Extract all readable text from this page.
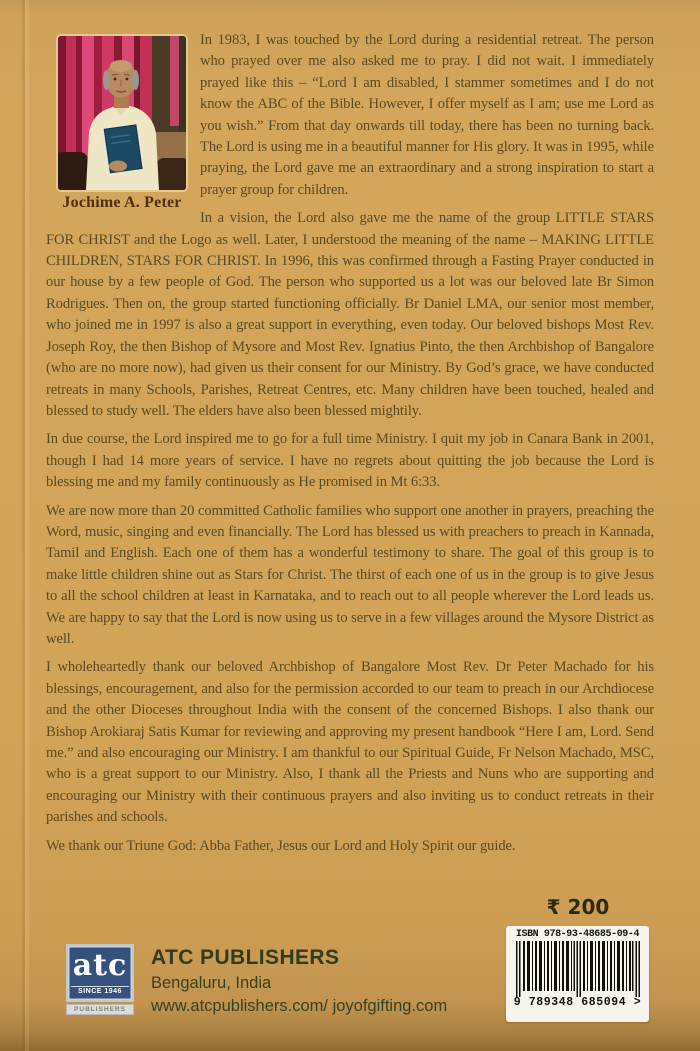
Jochime A. Peter

In 1983, I was touched by the Lord during a residential retreat. The person who prayed over me also asked me to pray. I did not wait. I immediately prayed like this – “Lord I am disabled, I stammer sometimes and I do not know the ABC of the Bible. However, I offer myself as I am; use me Lord as you wish.” From that day onwards till today, there has been no turning back. The Lord is using me in a beautiful manner for His glory. It was in 1995, while praying, the Lord gave me an extraordinary and a strong inspiration to start a prayer group for children.

In a vision, the Lord also gave me the name of the group LITTLE STARS FOR CHRIST and the Logo as well. Later, I understood the meaning of the name – MAKING LITTLE CHILDREN, STARS FOR CHRIST. In 1996, this was confirmed through a Fasting Prayer conducted in our house by a few people of God. The person who supported us a lot was our beloved late Br Simon Rodrigues. Then on, the group started functioning officially. Br Daniel LMA, our senior most member, who joined me in 1997 is also a great support in everything, even today. Our beloved bishops Most Rev. Joseph Roy, the then Bishop of Mysore and Most Rev. Ignatius Pinto, the then Archbishop of Bangalore (who are no more now), had given us their consent for our Ministry. By God’s grace, we have conducted retreats in many Schools, Parishes, Retreat Centres, etc. Many children have been touched, healed and blessed to study well. The elders have also been blessed mightily.

In due course, the Lord inspired me to go for a full time Ministry. I quit my job in Canara Bank in 2001, though I had 14 more years of service. I have no regrets about quitting the job because the Lord is blessing me and my family continuously as He promised in Mt 6:33.

We are now more than 20 committed Catholic families who support one another in prayers, preaching the Word, music, singing and even financially. The Lord has blessed us with preachers to preach in Kannada, Tamil and English. Each one of them has a wonderful testimony to share. The goal of this group is to make little children shine out as Stars for Christ. The thirst of each one of us in the group is to give Jesus to all the school children at least in Karnataka, and to reach out to all people wherever the Lord leads us. We are happy to say that the Lord is now using us to serve in a few villages around the Mysore District as well.

I wholeheartedly thank our beloved Archbishop of Bangalore Most Rev. Dr Peter Machado for his blessings, encouragement, and also for the permission accorded to our team to preach in our Archdiocese and the other Dioceses throughout India with the consent of the concerned Bishops. I also thank our Bishop Arokiaraj Satis Kumar for reviewing and approving my present handbook “Here I am, Lord. Send me.” and also encouraging our Ministry. I am thankful to our Spiritual Guide, Fr Nelson Machado, MSC, who is a great support to our Ministry. Also, I thank all the Priests and Nuns who are supporting and encouraging our Ministry with their continuous prayers and also inviting us to conduct retreats in their parishes and schools.

We thank our Triune God: Abba Father, Jesus our Lord and Holy Spirit our guide.

₹ 200
ISBN 978-93-48685-09-4
9 789348 685094 >
atc
SINCE 1946
PUBLISHERS
ATC PUBLISHERS
Bengaluru, India
www.atcpublishers.com/ joyofgifting.com
